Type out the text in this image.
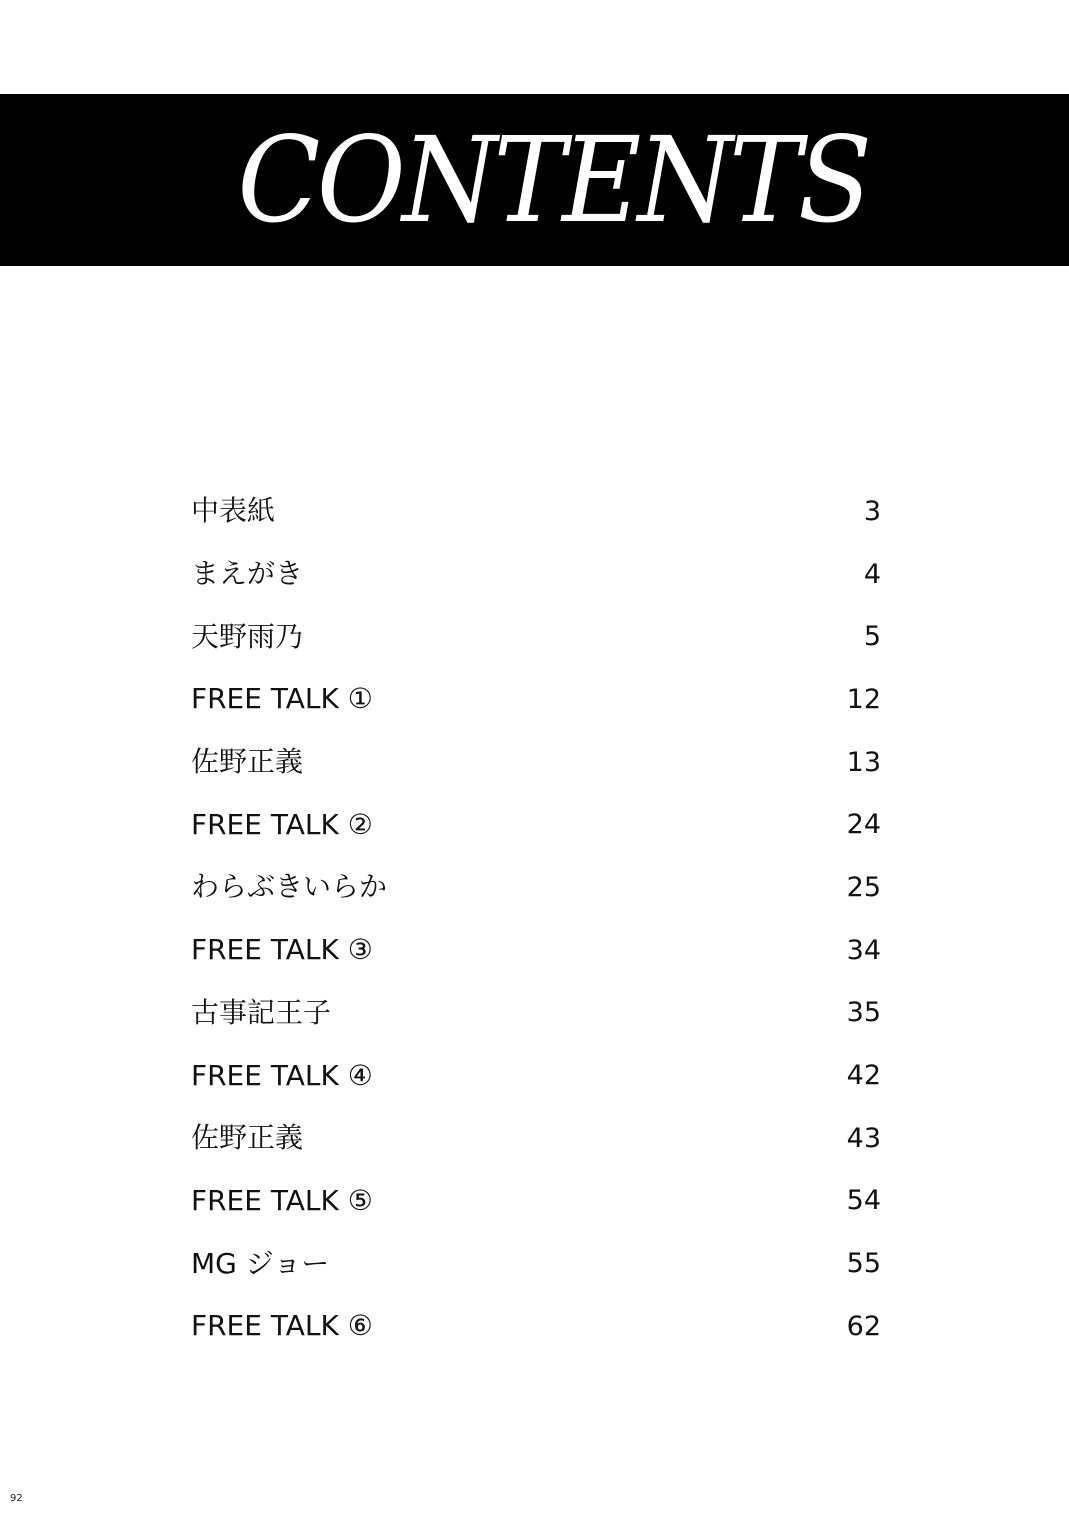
CONTENTS
中表紙	3
まえがき	4
天野雨乃	5
FREE TALK ①	12
佐野正義	13
FREE TALK ②	24
わらぶきいらか	25
FREE TALK ③	34
古事記王子	35
FREE TALK ④	42
佐野正義	43
FREE TALK ⑤	54
MG ジョー	55
FREE TALK ⑥	62
92
